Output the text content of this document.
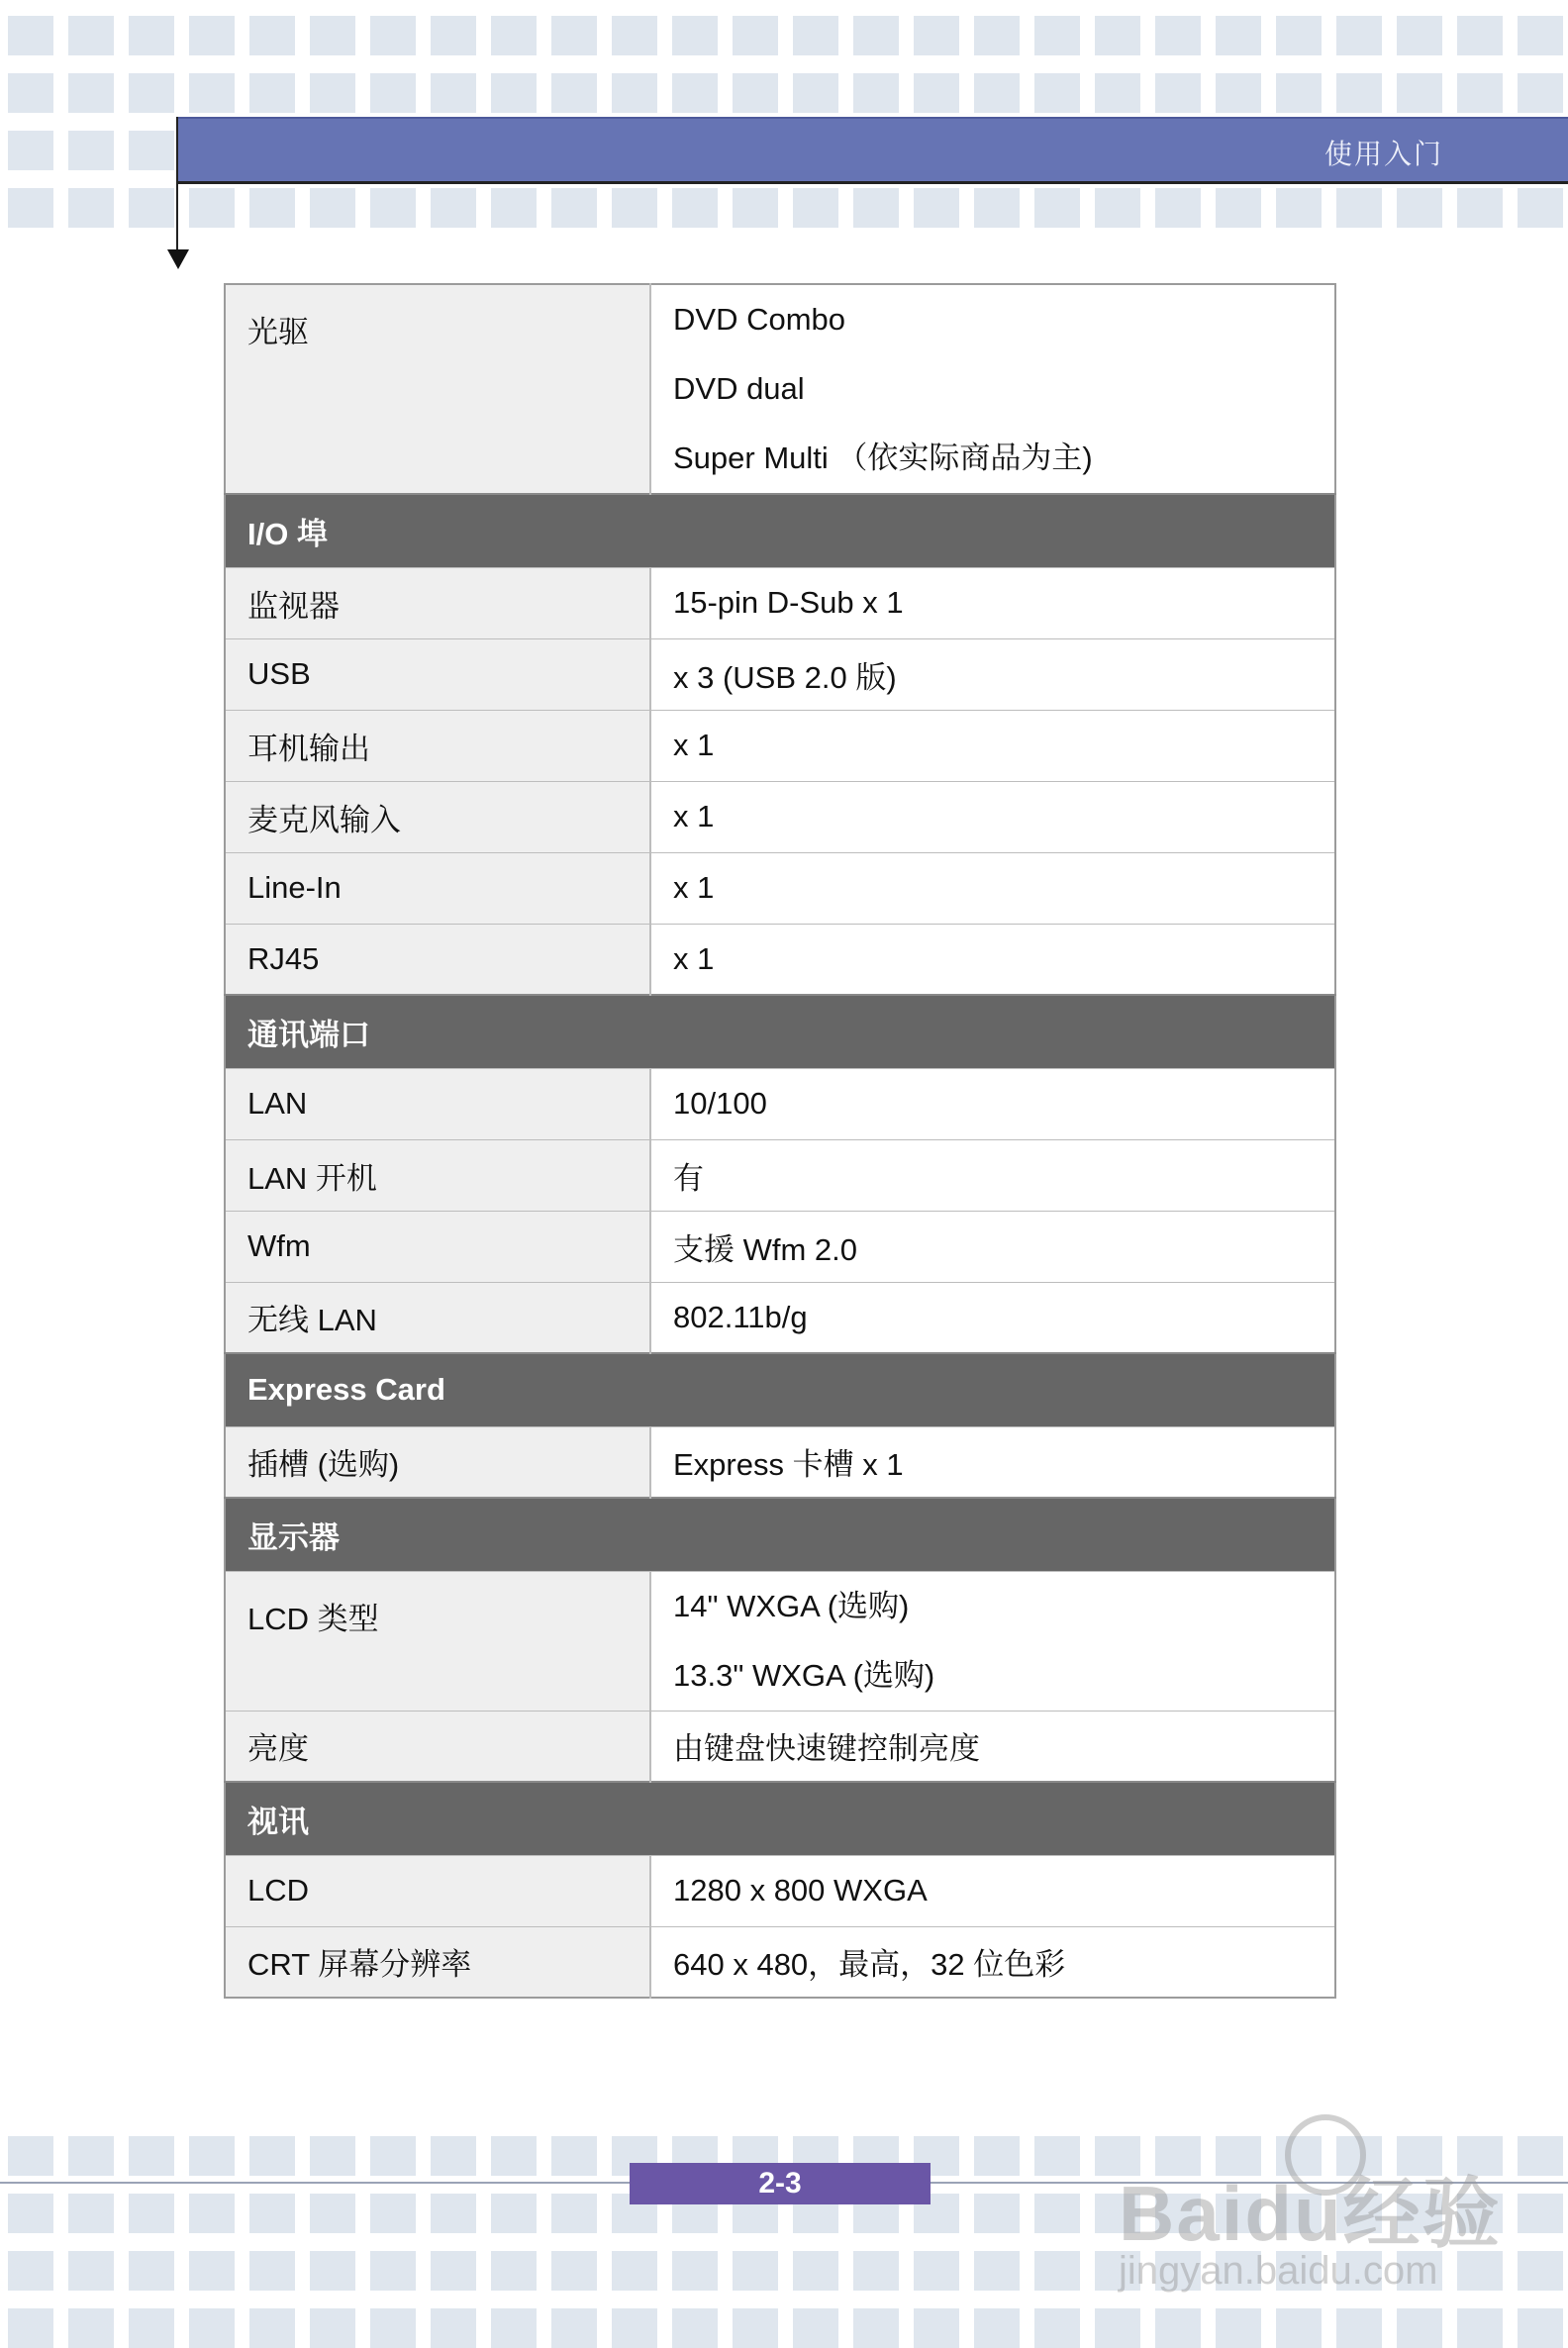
使用入门
光驱	DVD Combo
DVD dual
Super Multi （依实际商品为主)

I/O 埠	
监视器	15-pin D-Sub x 1

USB	x 3 (USB 2.0 版)

耳机输出	x 1

麦克风输入	x 1

Line-In	x 1

RJ45	x 1

通讯端口	
LAN	10/100

LAN 开机	有

Wfm	支援 Wfm 2.0

无线 LAN	802.11b/g

Express Card	
插槽 (选购)	Express 卡槽 x 1

显示器	
LCD 类型	14" WXGA (选购)
13.3" WXGA (选购)

亮度	由键盘快速键控制亮度

视讯	
LCD	1280 x 800 WXGA

CRT 屏幕分辨率	640 x 480，最高，32 位色彩
2-3	Baidu经验
jingyan.baidu.com
